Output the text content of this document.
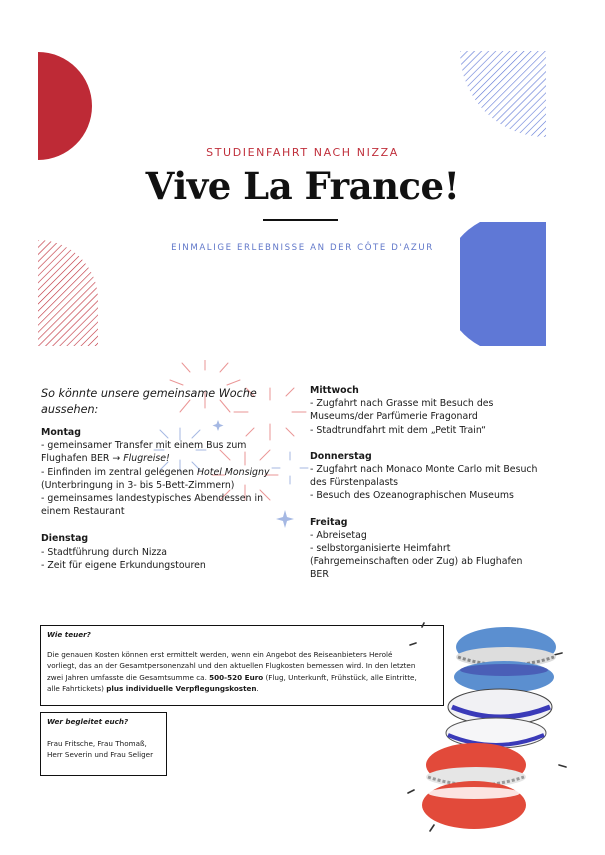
STUDIENFAHRT NACH NIZZA
Vive La France!
EINMALIGE ERLEBNISSE AN DER CÔTE D'AZUR
So könnte unsere gemeinsame Woche
aussehen:
Montag
- gemeinsamer Transfer mit einem Bus zum
Flughafen BER → Flugreise!
- Einfinden im zentral gelegenen Hotel Monsigny
(Unterbringung in 3- bis 5-Bett-Zimmern)
- gemeinsames landestypisches Abendessen in
einem Restaurant
Dienstag
- Stadtführung durch Nizza
- Zeit für eigene Erkundungstouren
Mittwoch
- Zugfahrt nach Grasse mit Besuch des
Museums/der Parfümerie Fragonard
- Stadtrundfahrt mit dem „Petit Train“
Donnerstag
- Zugfahrt nach Monaco Monte Carlo mit Besuch
des Fürstenpalasts
- Besuch des Ozeanographischen Museums
Freitag
- Abreisetag
- selbstorganisierte Heimfahrt
(Fahrgemeinschaften oder Zug) ab Flughafen
BER
Wie teuer?
Die genauen Kosten können erst ermittelt werden, wenn ein Angebot des Reiseanbieters Herolé
vorliegt, das an der Gesamtpersonenzahl und den aktuellen Flugkosten bemessen wird. In den letzten
zwei Jahren umfasste die Gesamtsumme ca. 500-520 Euro (Flug, Unterkunft, Frühstück, alle Eintritte,
alle Fahrtickets) plus individuelle Verpflegungskosten.
Wer begleitet euch?
Frau Fritsche, Frau Thomaß,
Herr Severin und Frau Seliger
